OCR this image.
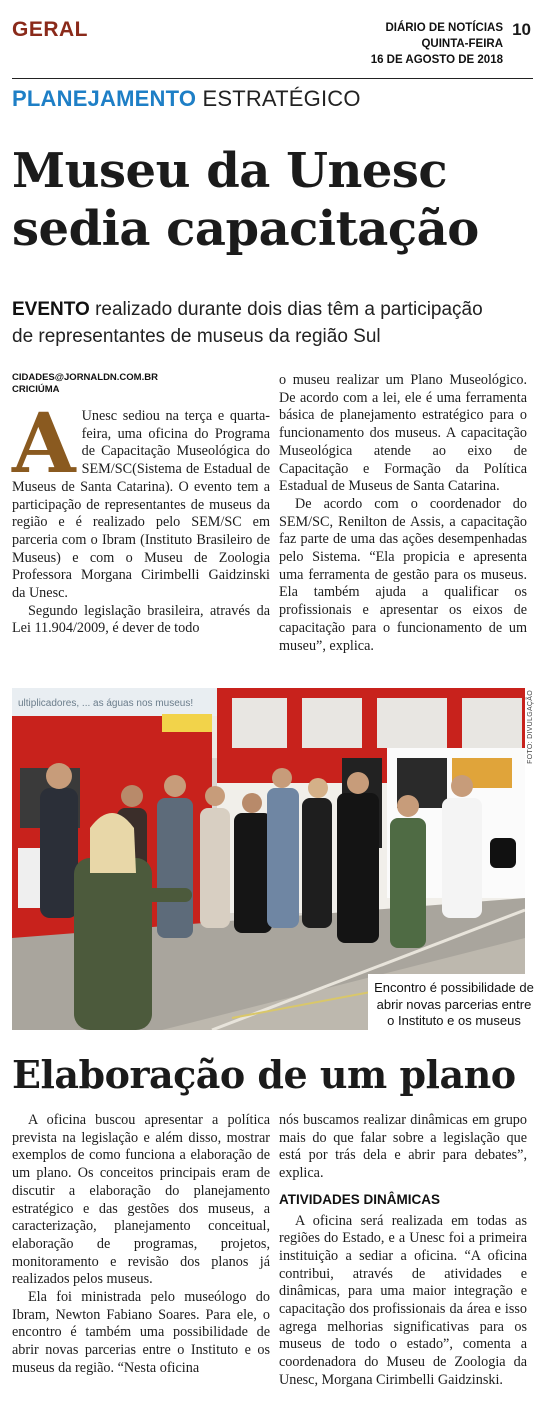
GERAL	DIÁRIO DE NOTÍCIAS
QUINTA-FEIRA
16 DE AGOSTO DE 2018
10
PLANEJAMENTO ESTRATÉGICO
Museu da Unesc
sedia capacitação
EVENTO realizado durante dois dias têm a participação
de representantes de museus da região Sul
CIDADES@JORNALDN.COM.BR
CRICIÚMA

A Unesc sediou na terça e quarta-feira, uma oficina do Programa de Capacitação Museológica do SEM/SC(Sistema de Estadual de Museus de Santa Catarina). O evento tem a participação de representantes de museus da região e é realizado pelo SEM/SC em parceria com o Ibram (Instituto Brasileiro de Museus) e com o Museu de Zoologia Professora Morgana Cirimbelli Gaidzinski da Unesc.

Segundo legislação brasileira, através da Lei 11.904/2009, é dever de todo

o museu realizar um Plano Museológico. De acordo com a lei, ele é uma ferramenta básica de planejamento estratégico para o funcionamento dos museus. A capacitação Museológica atende ao eixo de Capacitação e Formação da Política Estadual de Museus de Santa Catarina.

De acordo com o coordenador do SEM/SC, Renilton de Assis, a capacitação faz parte de uma das ações desempenhadas pelo Sistema. “Ela propicia e apresenta uma ferramenta de gestão para os museus. Ela também ajuda a qualificar os profissionais e apresentar os eixos de capacitação para o funcionamento de um museu”, explica.

ultiplicadores, ... as águas nos museus!	FOTO: DIVULGAÇÃO
Encontro é possibilidade de abrir novas parcerias entre o Instituto e os museus
Elaboração de um plano

A oficina buscou apresentar a política prevista na legislação e além disso, mostrar exemplos de como funciona a elaboração de um plano. Os conceitos principais eram de discutir a elaboração do planejamento estratégico e das gestões dos museus, a caracterização, planejamento conceitual, elaboração de programas, projetos, monitoramento e revisão dos planos já realizados pelos museus.

Ela foi ministrada pelo museólogo do Ibram, Newton Fabiano Soares. Para ele, o encontro é também uma possibilidade de abrir novas parcerias entre o Instituto e os museus da região. “Nesta oficina

nós buscamos realizar dinâmicas em grupo mais do que falar sobre a legislação que está por trás dela e abrir para debates”, explica.

ATIVIDADES DINÂMICAS

A oficina será realizada em todas as regiões do Estado, e a Unesc foi a primeira instituição a sediar a oficina. “A oficina contribui, através de atividades e dinâmicas, para uma maior integração e capacitação dos profissionais da área e isso agrega melhorias significativas para os museus de todo o estado”, comenta a coordenadora do Museu de Zoologia da Unesc, Morgana Cirimbelli Gaidzinski.
